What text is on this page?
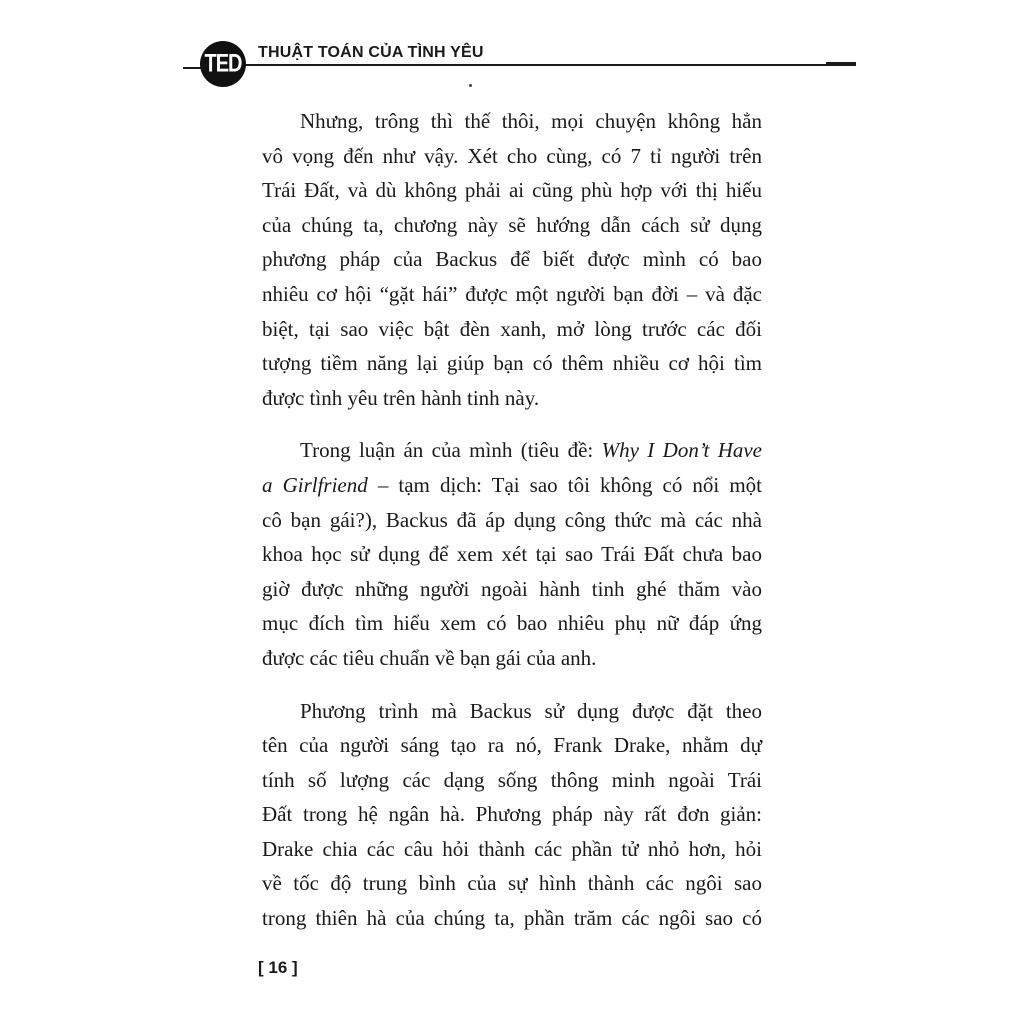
TED THUẬT TOÁN CỦA TÌNH YÊU

Nhưng, trông thì thế thôi, mọi chuyện không hẳn
vô vọng đến như vậy. Xét cho cùng, có 7 tỉ người trên
Trái Đất, và dù không phải ai cũng phù hợp với thị hiếu
của chúng ta, chương này sẽ hướng dẫn cách sử dụng
phương pháp của Backus để biết được mình có bao
nhiêu cơ hội “gặt hái” được một người bạn đời – và đặc
biệt, tại sao việc bật đèn xanh, mở lòng trước các đối
tượng tiềm năng lại giúp bạn có thêm nhiều cơ hội tìm
được tình yêu trên hành tinh này.

Trong luận án của mình (tiêu đề: Why I Don’t Have
a Girlfriend – tạm dịch: Tại sao tôi không có nổi một
cô bạn gái?), Backus đã áp dụng công thức mà các nhà
khoa học sử dụng để xem xét tại sao Trái Đất chưa bao
giờ được những người ngoài hành tinh ghé thăm vào
mục đích tìm hiểu xem có bao nhiêu phụ nữ đáp ứng
được các tiêu chuẩn về bạn gái của anh.

Phương trình mà Backus sử dụng được đặt theo
tên của người sáng tạo ra nó, Frank Drake, nhằm dự
tính số lượng các dạng sống thông minh ngoài Trái
Đất trong hệ ngân hà. Phương pháp này rất đơn giản:
Drake chia các câu hỏi thành các phần tử nhỏ hơn, hỏi
về tốc độ trung bình của sự hình thành các ngôi sao
trong thiên hà của chúng ta, phần trăm các ngôi sao có

[ 16 ]
